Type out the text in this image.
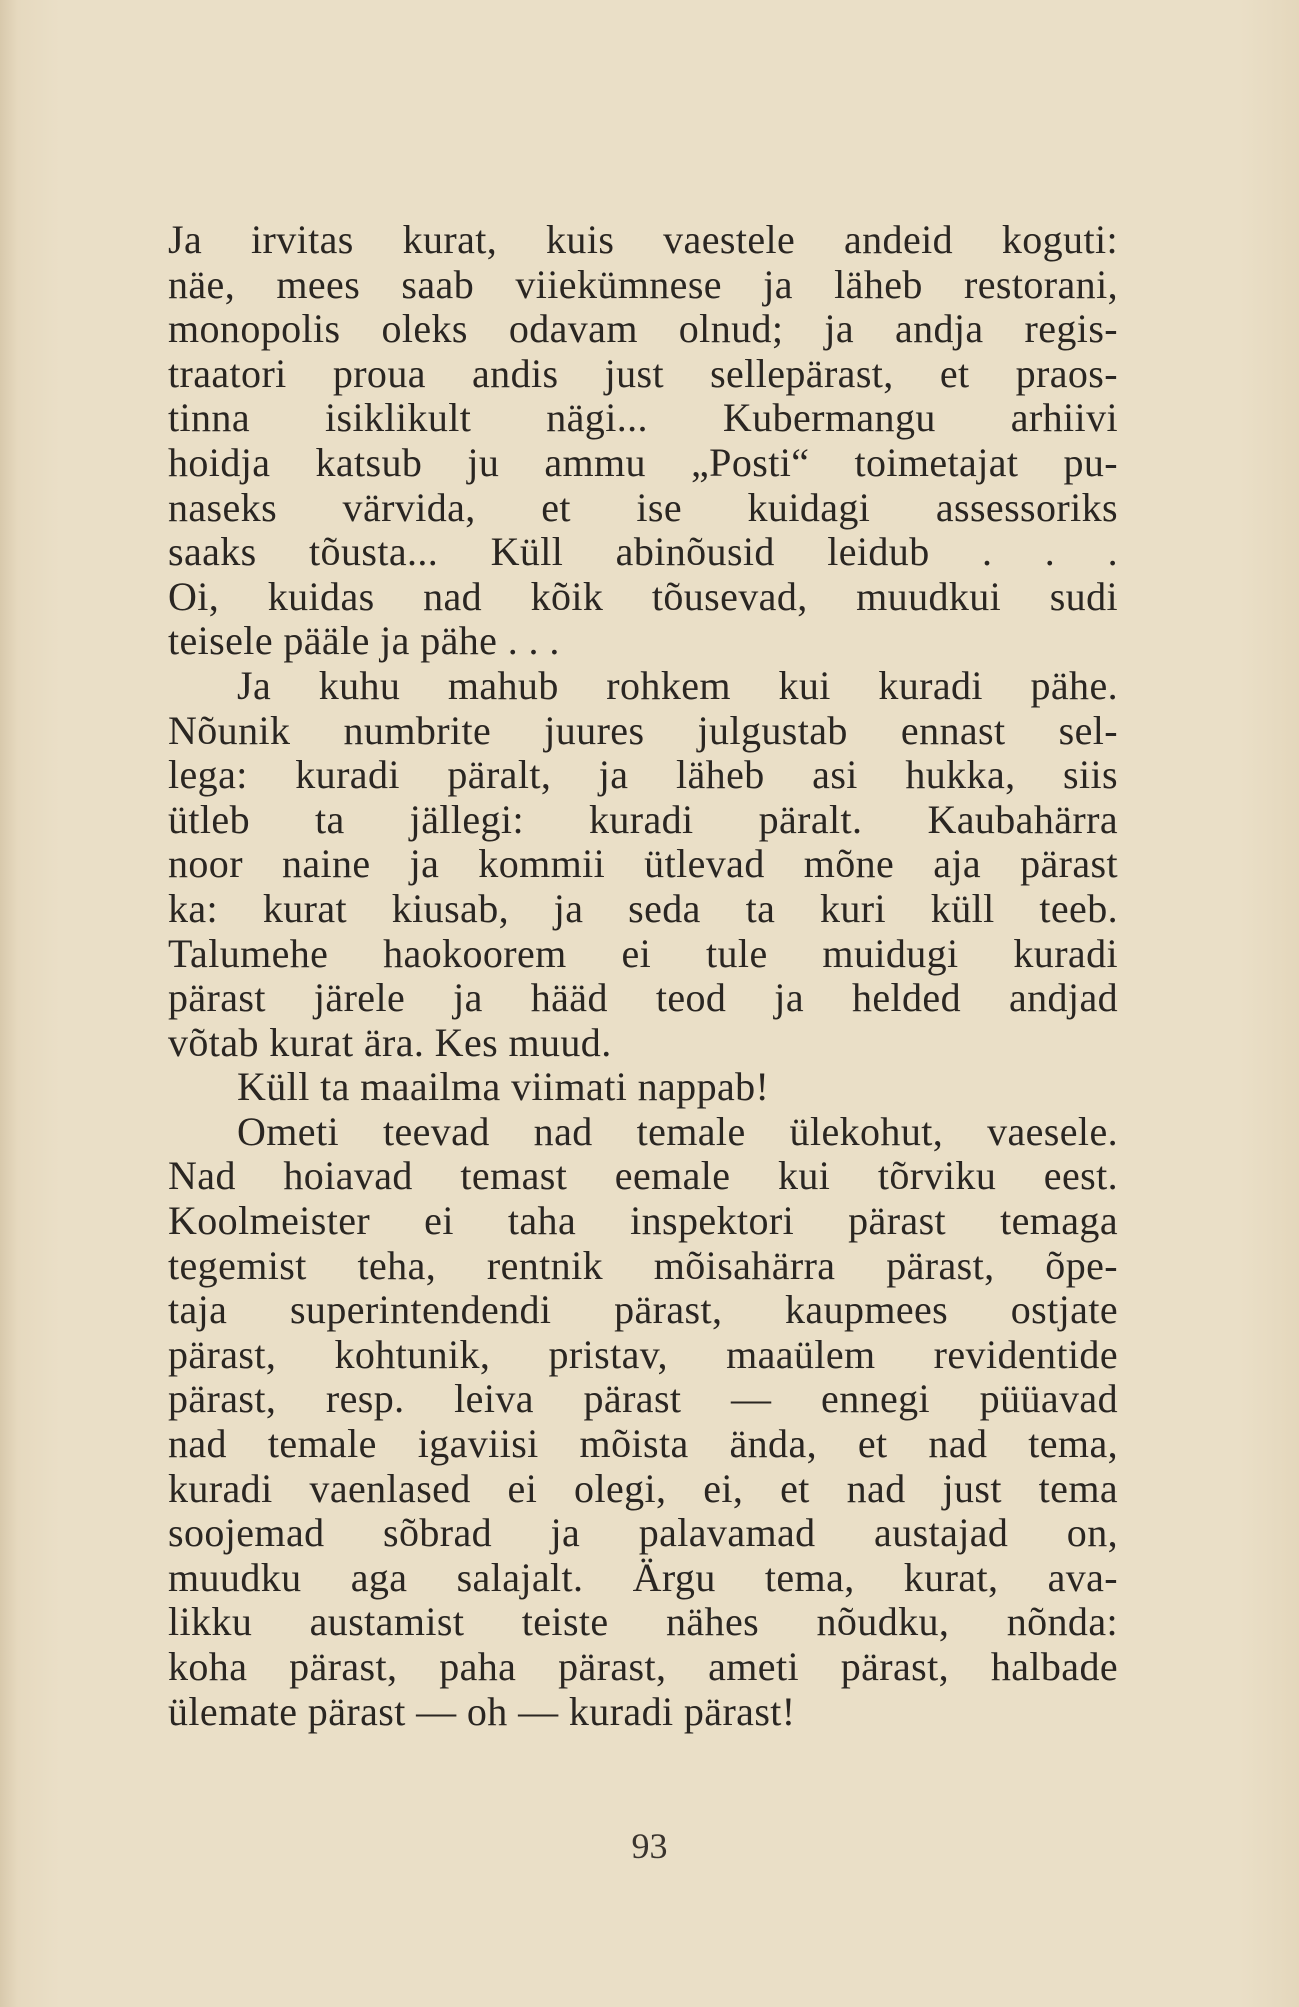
Ja irvitas kurat, kuis vaestele andeid koguti:
näe, mees saab viiekümnese ja läheb restorani,
monopolis oleks odavam olnud; ja andja regis-
traatori proua andis just sellepärast, et praos-
tinna isiklikult nägi... Kubermangu arhiivi
hoidja katsub ju ammu „Posti“ toimetajat pu-
naseks värvida, et ise kuidagi assessoriks
saaks tõusta... Küll abinõusid leidub . . .
Oi, kuidas nad kõik tõusevad, muudkui sudi
teisele pääle ja pähe . . .
Ja kuhu mahub rohkem kui kuradi pähe.
Nõunik numbrite juures julgustab ennast sel-
lega: kuradi päralt, ja läheb asi hukka, siis
ütleb ta jällegi: kuradi päralt. Kaubahärra
noor naine ja kommii ütlevad mõne aja pärast
ka: kurat kiusab, ja seda ta kuri küll teeb.
Talumehe haokoorem ei tule muidugi kuradi
pärast järele ja hääd teod ja helded andjad
võtab kurat ära. Kes muud.
Küll ta maailma viimati nappab!
Ometi teevad nad temale ülekohut, vaesele.
Nad hoiavad temast eemale kui tõrviku eest.
Koolmeister ei taha inspektori pärast temaga
tegemist teha, rentnik mõisahärra pärast, õpe-
taja superintendendi pärast, kaupmees ostjate
pärast, kohtunik, pristav, maaülem revidentide
pärast, resp. leiva pärast — ennegi püüavad
nad temale igaviisi mõista ända, et nad tema,
kuradi vaenlased ei olegi, ei, et nad just tema
soojemad sõbrad ja palavamad austajad on,
muudku aga salajalt. Ärgu tema, kurat, ava-
likku austamist teiste nähes nõudku, nõnda:
koha pärast, paha pärast, ameti pärast, halbade
ülemate pärast — oh — kuradi pärast!
93
